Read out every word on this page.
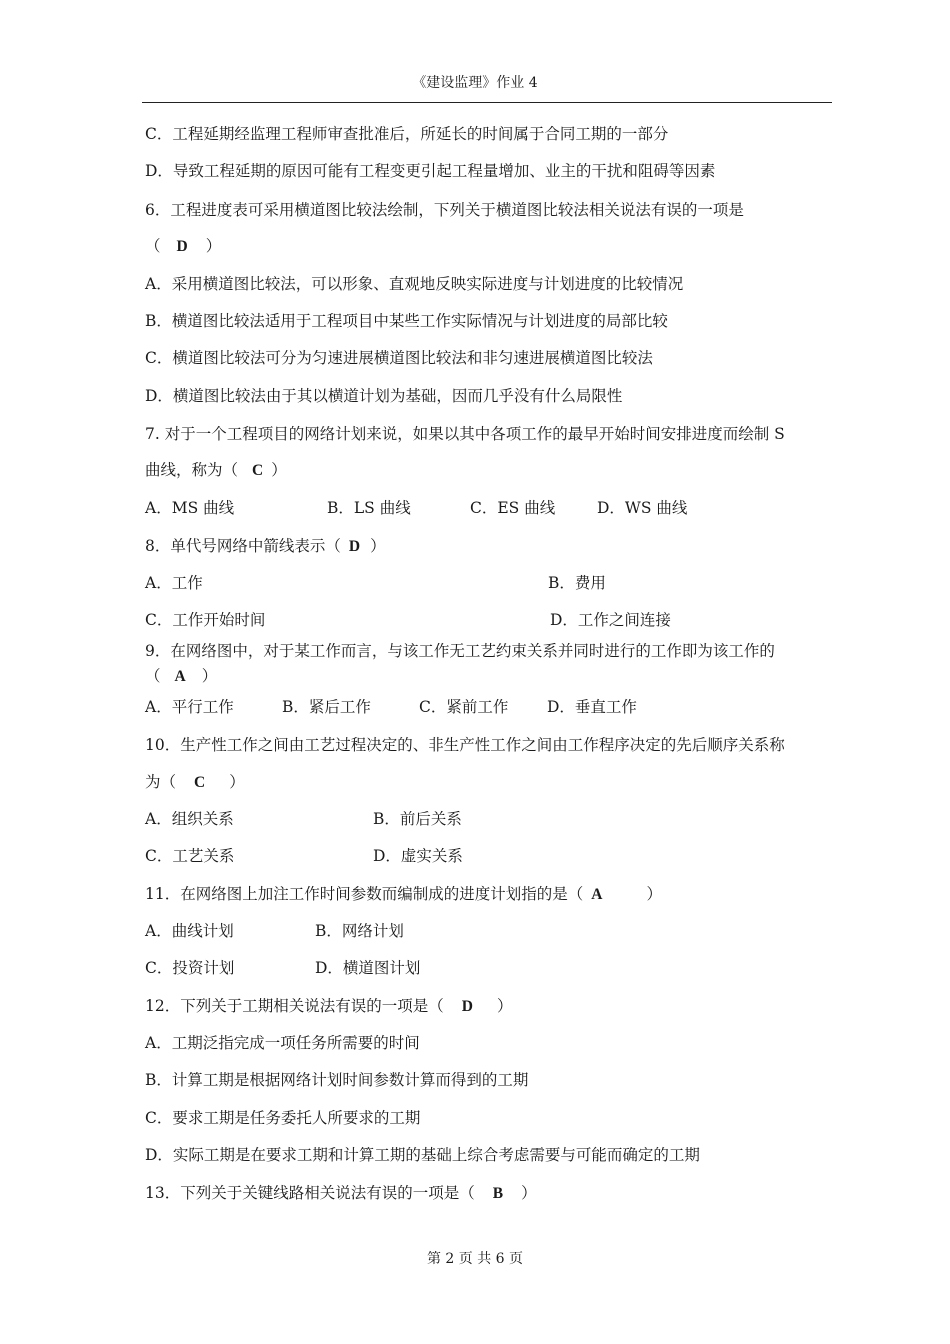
《建设监理》作业 4
C．工程延期经监理工程师审查批准后，所延长的时间属于合同工期的一部分
D．导致工程延期的原因可能有工程变更引起工程量增加、业主的干扰和阻碍等因素
6．工程进度表可采用横道图比较法绘制，下列关于横道图比较法相关说法有误的一项是
（ D ）
A．采用横道图比较法，可以形象、直观地反映实际进度与计划进度的比较情况
B．横道图比较法适用于工程项目中某些工作实际情况与计划进度的局部比较
C．横道图比较法可分为匀速进展横道图比较法和非匀速进展横道图比较法
D．横道图比较法由于其以横道计划为基础，因而几乎没有什么局限性
7. 对于一个工程项目的网络计划来说，如果以其中各项工作的最早开始时间安排进度而绘制 S
曲线，称为（ C ）
A．MS 曲线	B．LS 曲线	C．ES 曲线	D．WS 曲线
8．单代号网络中箭线表示（ D ）
A．工作	B．费用
C．工作开始时间	D．工作之间连接
9．在网络图中，对于某工作而言，与该工作无工艺约束关系并同时进行的工作即为该工作的
（ A ）
A．平行工作	B．紧后工作	C．紧前工作 D．垂直工作
10．生产性工作之间由工艺过程决定的、非生产性工作之间由工作程序决定的先后顺序关系称
为（ C ）
A．组织关系	B．前后关系
C．工艺关系	D．虚实关系
11．在网络图上加注工作时间参数而编制成的进度计划指的是（ A	）
A．曲线计划	B．网络计划
C．投资计划	D．横道图计划
12．下列关于工期相关说法有误的一项是（ D ）
A．工期泛指完成一项任务所需要的时间
B．计算工期是根据网络计划时间参数计算而得到的工期
C．要求工期是任务委托人所要求的工期
D．实际工期是在要求工期和计算工期的基础上综合考虑需要与可能而确定的工期
13．下列关于关键线路相关说法有误的一项是（ B ）
第 2 页 共 6 页
